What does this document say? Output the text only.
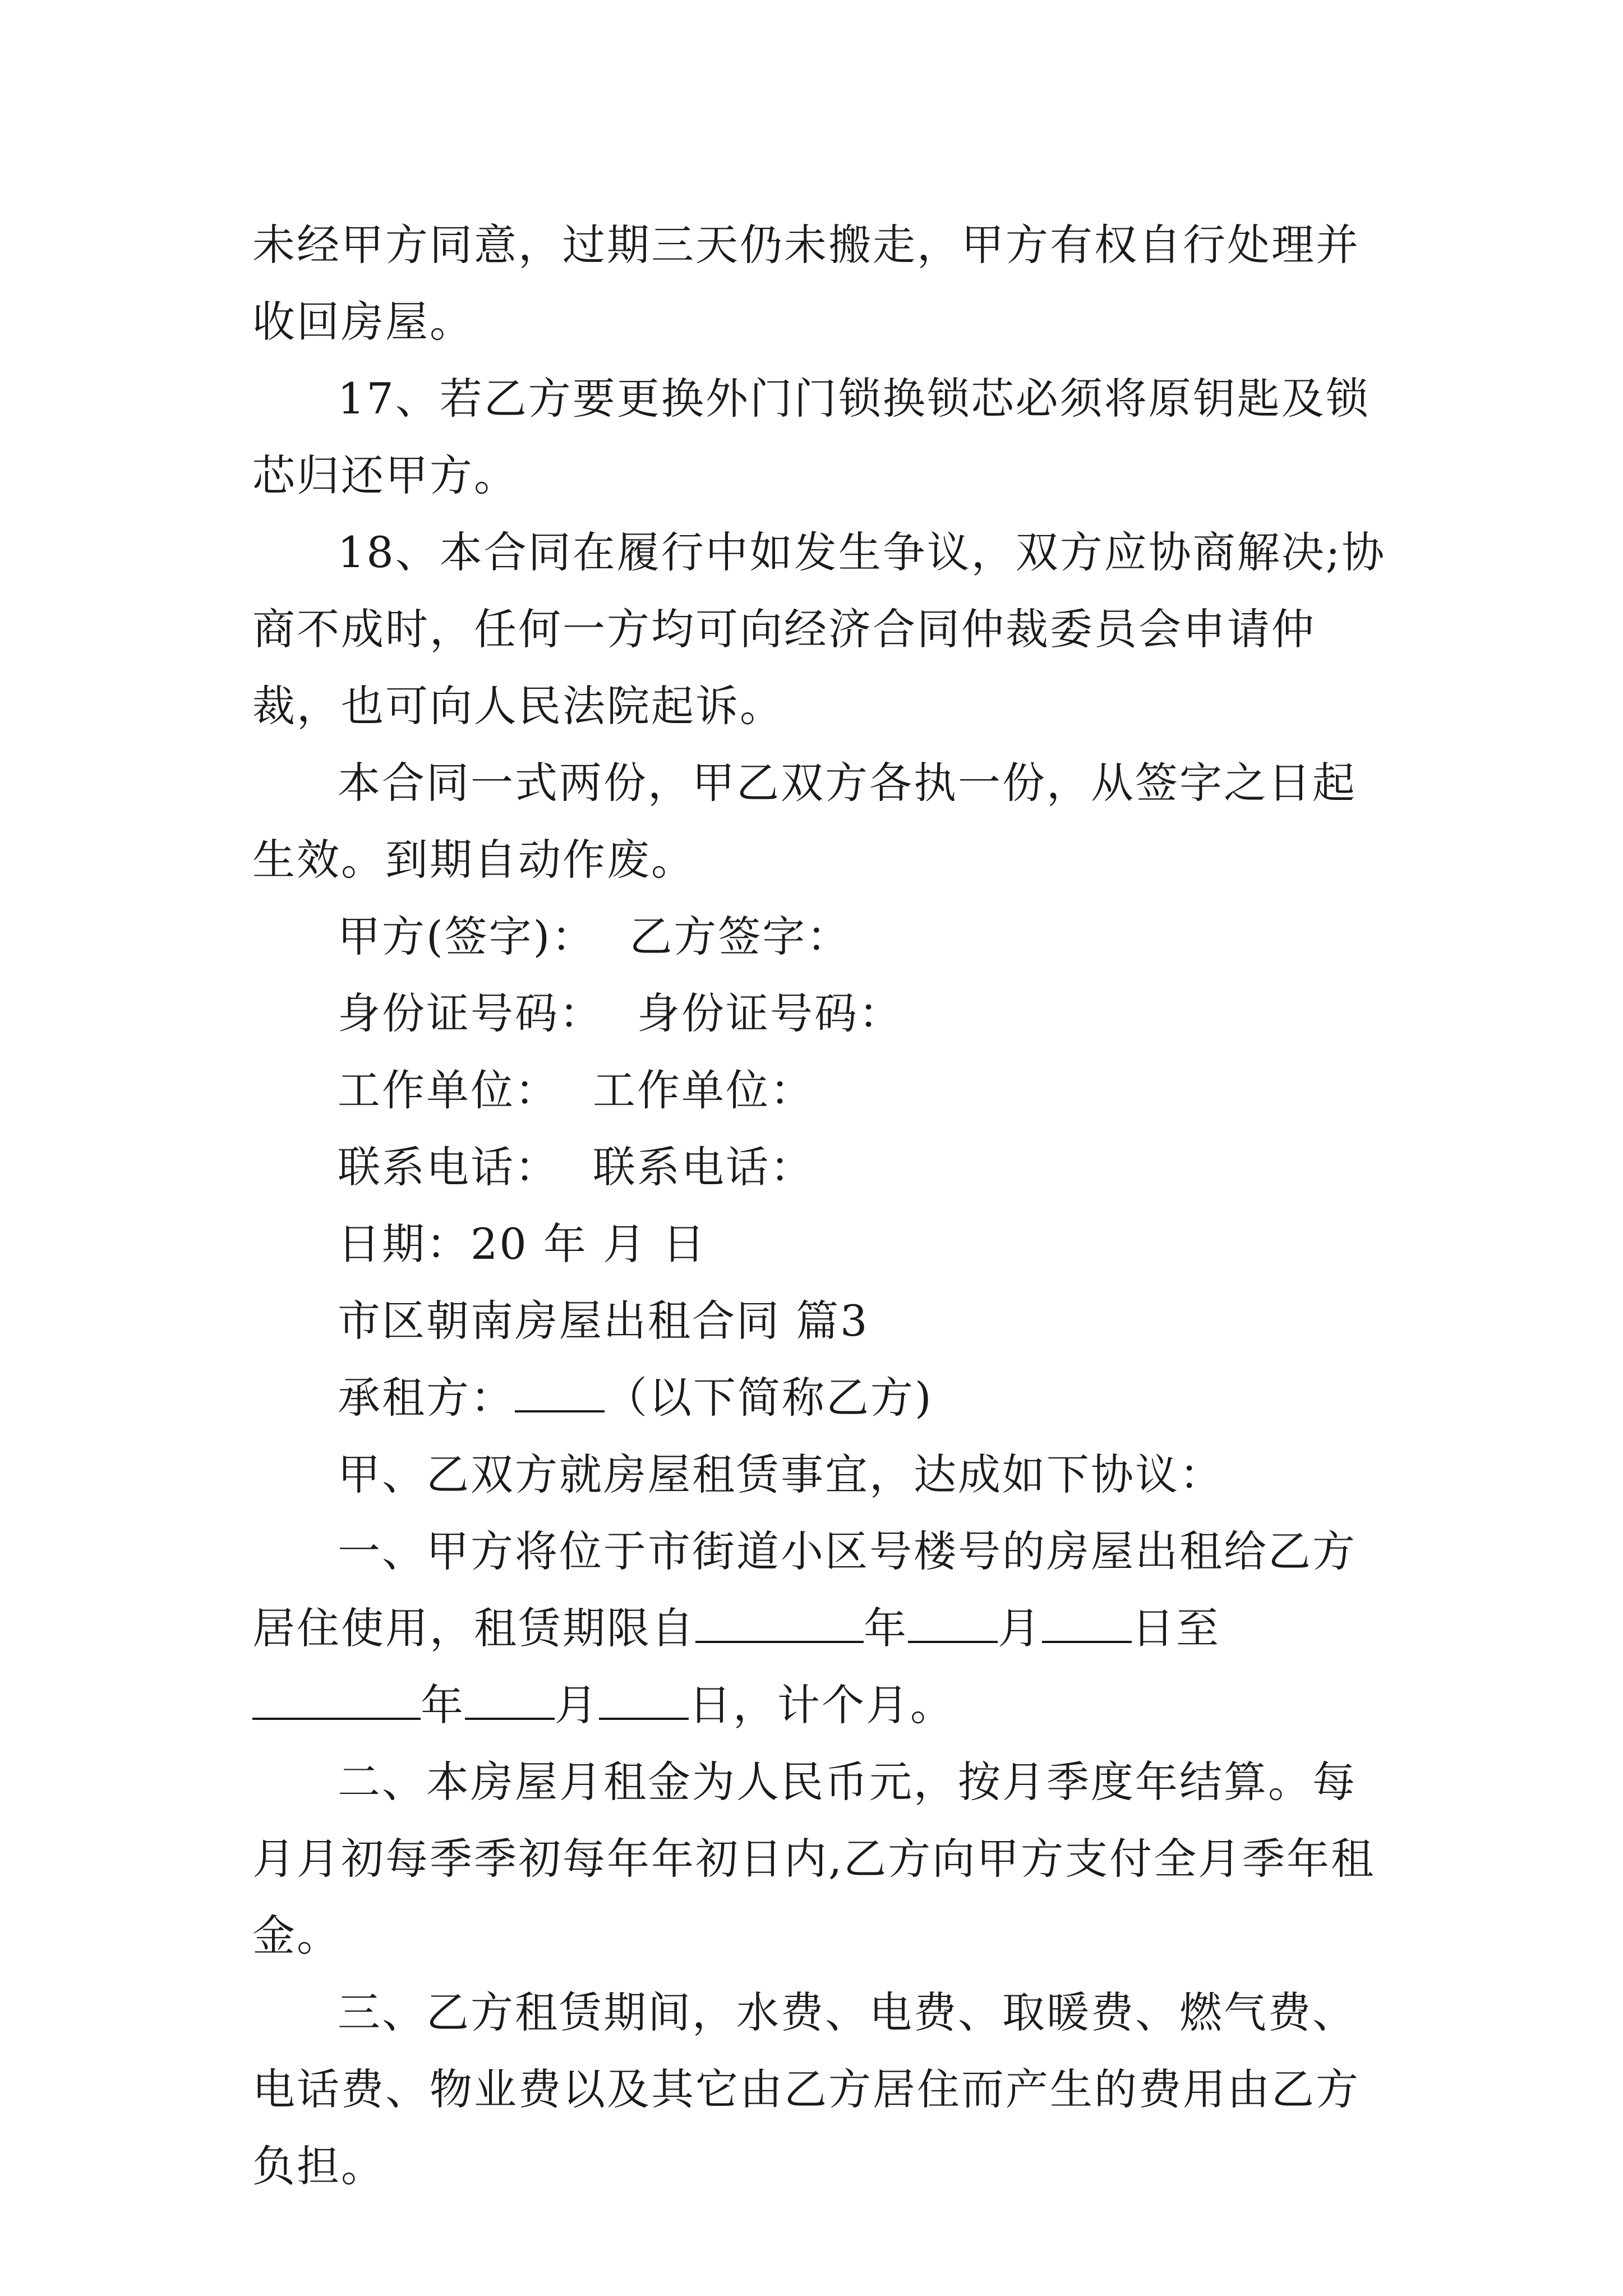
未经甲方同意，过期三天仍未搬走，甲方有权自行处理并收回房屋。

17、若乙方要更换外门门锁换锁芯必须将原钥匙及锁芯归还甲方。

18、本合同在履行中如发生争议，双方应协商解决;协商不成时，任何一方均可向经济合同仲裁委员会申请仲裁，也可向人民法院起诉。

本合同一式两份，甲乙双方各执一份，从签字之日起生效。到期自动作废。

甲方(签字)： 乙方签字：
身份证号码： 身份证号码：
工作单位： 工作单位：
联系电话： 联系电话：
日期：20 年 月 日
市区朝南房屋出租合同 篇3
承租方： （以下简称乙方)
甲、乙双方就房屋租赁事宜，达成如下协议：

一、甲方将位于市街道小区号楼号的房屋出租给乙方居住使用，租赁期限自	年 月 日至年 月 日，计个月。

二、本房屋月租金为人民币元，按月季度年结算。每月月初每季季初每年年初日内,乙方向甲方支付全月季年租金。

三、乙方租赁期间，水费、电费、取暖费、燃气费、电话费、物业费以及其它由乙方居住而产生的费用由乙方负担。
